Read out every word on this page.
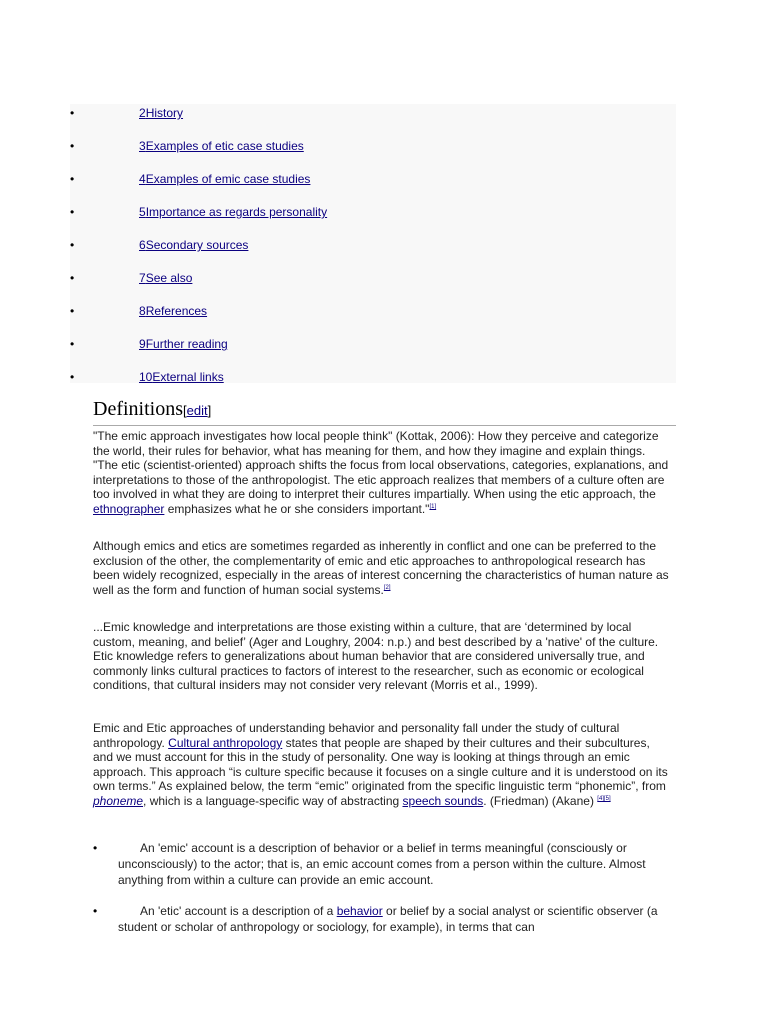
•	2History
•	3Examples of etic case studies
•	4Examples of emic case studies
•	5Importance as regards personality
•	6Secondary sources
•	7See also
•	8References
•	9Further reading
•	10External links
Definitions[edit]

"The emic approach investigates how local people think" (Kottak, 2006): How they perceive and categorize the world, their rules for behavior, what has meaning for them, and how they imagine and explain things. "The etic (scientist-oriented) approach shifts the focus from local observations, categories, explanations, and interpretations to those of the anthropologist. The etic approach realizes that members of a culture often are too involved in what they are doing to interpret their cultures impartially. When using the etic approach, the ethnographer emphasizes what he or she considers important."[1]

Although emics and etics are sometimes regarded as inherently in conflict and one can be preferred to the exclusion of the other, the complementarity of emic and etic approaches to anthropological research has been widely recognized, especially in the areas of interest concerning the characteristics of human nature as well as the form and function of human social systems.[2]

...Emic knowledge and interpretations are those existing within a culture, that are ‘determined by local custom, meaning, and belief’ (Ager and Loughry, 2004: n.p.) and best described by a 'native' of the culture. Etic knowledge refers to generalizations about human behavior that are considered universally true, and commonly links cultural practices to factors of interest to the researcher, such as economic or ecological conditions, that cultural insiders may not consider very relevant (Morris et al., 1999).

Emic and Etic approaches of understanding behavior and personality fall under the study of cultural anthropology. Cultural anthropology states that people are shaped by their cultures and their subcultures, and we must account for this in the study of personality. One way is looking at things through an emic approach. This approach “is culture specific because it focuses on a single culture and it is understood on its own terms.” As explained below, the term “emic” originated from the specific linguistic term “phonemic”, from phoneme, which is a language-specific way of abstracting speech sounds. (Friedman) (Akane) [4][5]

•	An 'emic' account is a description of behavior or a belief in terms meaningful (consciously or unconsciously) to the actor; that is, an emic account comes from a person within the culture. Almost anything from within a culture can provide an emic account.
•	An 'etic' account is a description of a behavior or belief by a social analyst or scientific observer (a student or scholar of anthropology or sociology, for example), in terms that can
